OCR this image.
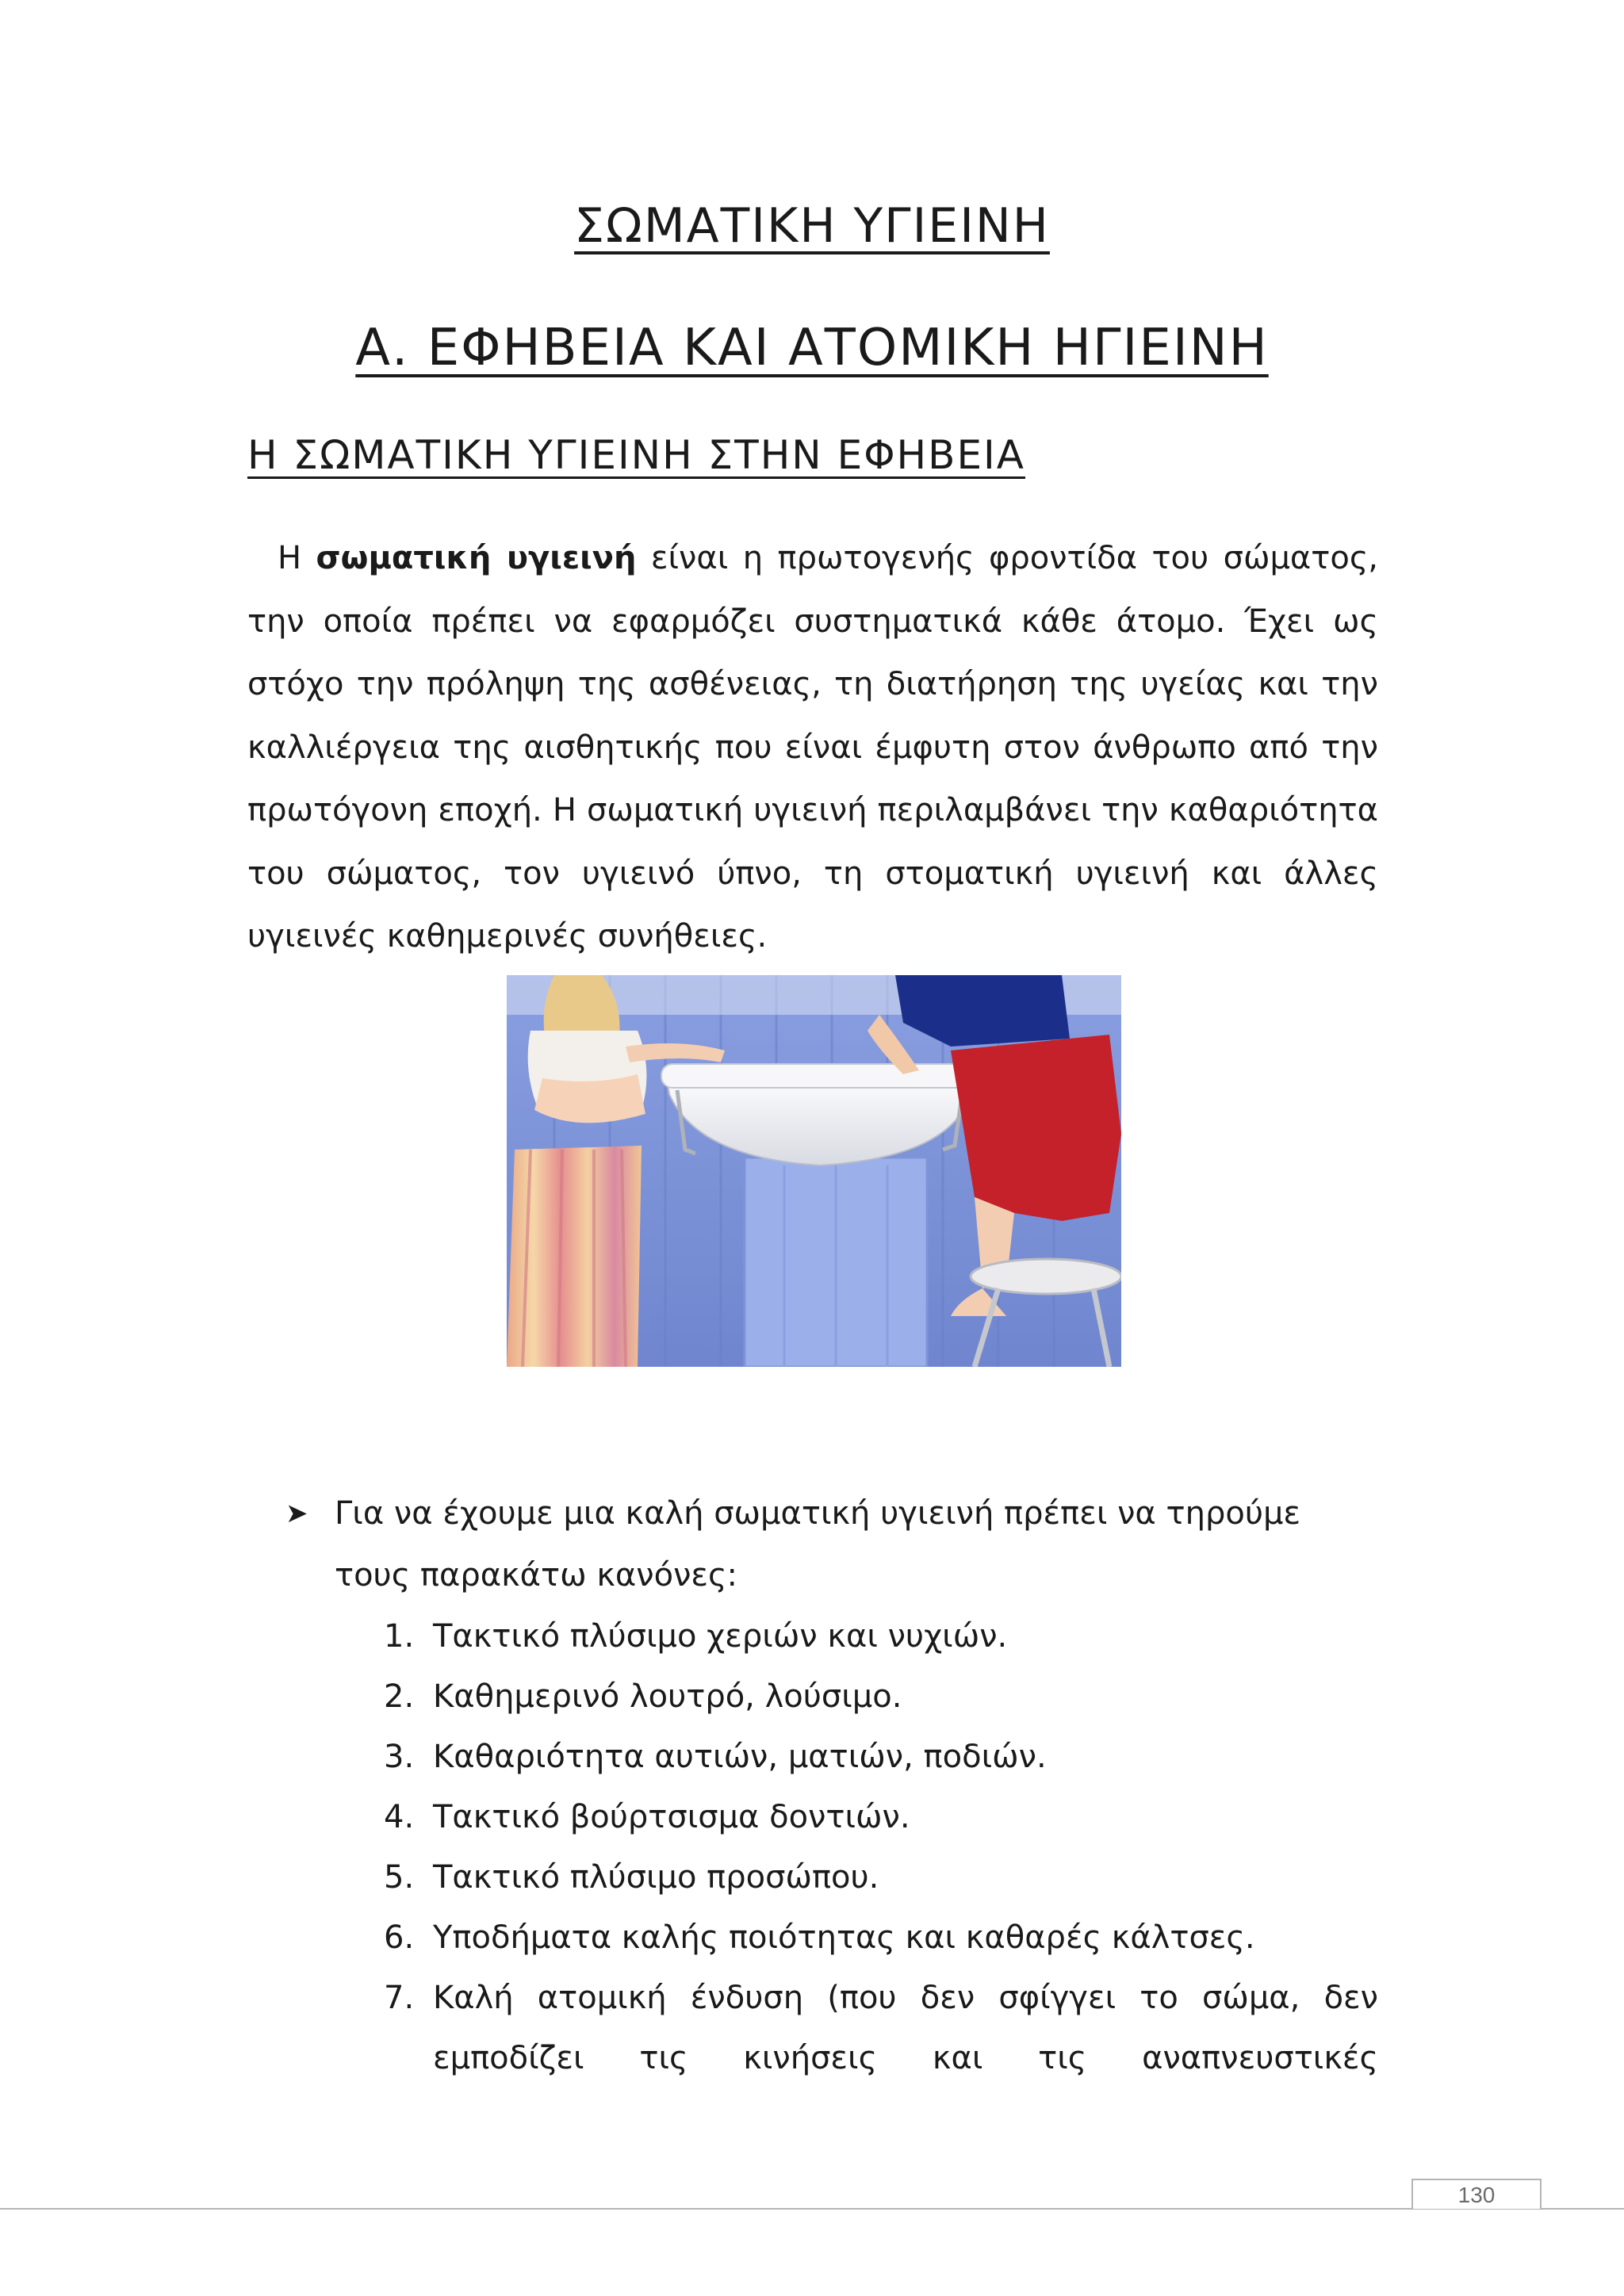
ΣΩΜΑΤΙΚΗ ΥΓΙΕΙΝΗ
Α. ΕΦΗΒΕΙΑ ΚΑΙ ΑΤΟΜΙΚΗ ΗΓΙΕΙΝΗ
Η ΣΩΜΑΤΙΚΗ ΥΓΙΕΙΝΗ ΣΤΗΝ ΕΦΗΒΕΙΑ

Η σωματική υγιεινή είναι η πρωτογενής φροντίδα του σώματος, την οποία πρέπει να εφαρμόζει συστηματικά κάθε άτομο. Έχει ως στόχο την πρόληψη της ασθένειας, τη διατήρηση της υγείας και την καλλιέργεια της αισθητικής που είναι έμφυτη στον άνθρωπο από την πρωτόγονη εποχή. Η σωματική υγιεινή περιλαμβάνει την καθαριότητα του σώματος, τον υγιεινό ύπνο, τη στοματική υγιεινή και άλλες υγιεινές καθημερινές συνήθειες.

➤ Για να έχουμε μια καλή σωματική υγιεινή πρέπει να τηρούμε τους παρακάτω κανόνες:
1. Τακτικό πλύσιμο χεριών και νυχιών.
2. Καθημερινό λουτρό, λούσιμο.
3. Καθαριότητα αυτιών, ματιών, ποδιών.
4. Τακτικό βούρτσισμα δοντιών.
5. Τακτικό πλύσιμο προσώπου.
6. Υποδήματα καλής ποιότητας και καθαρές κάλτσες.
7. Καλή ατομική ένδυση (που δεν σφίγγει το σώμα, δεν εμποδίζει τις κινήσεις και τις αναπνευστικές
130
